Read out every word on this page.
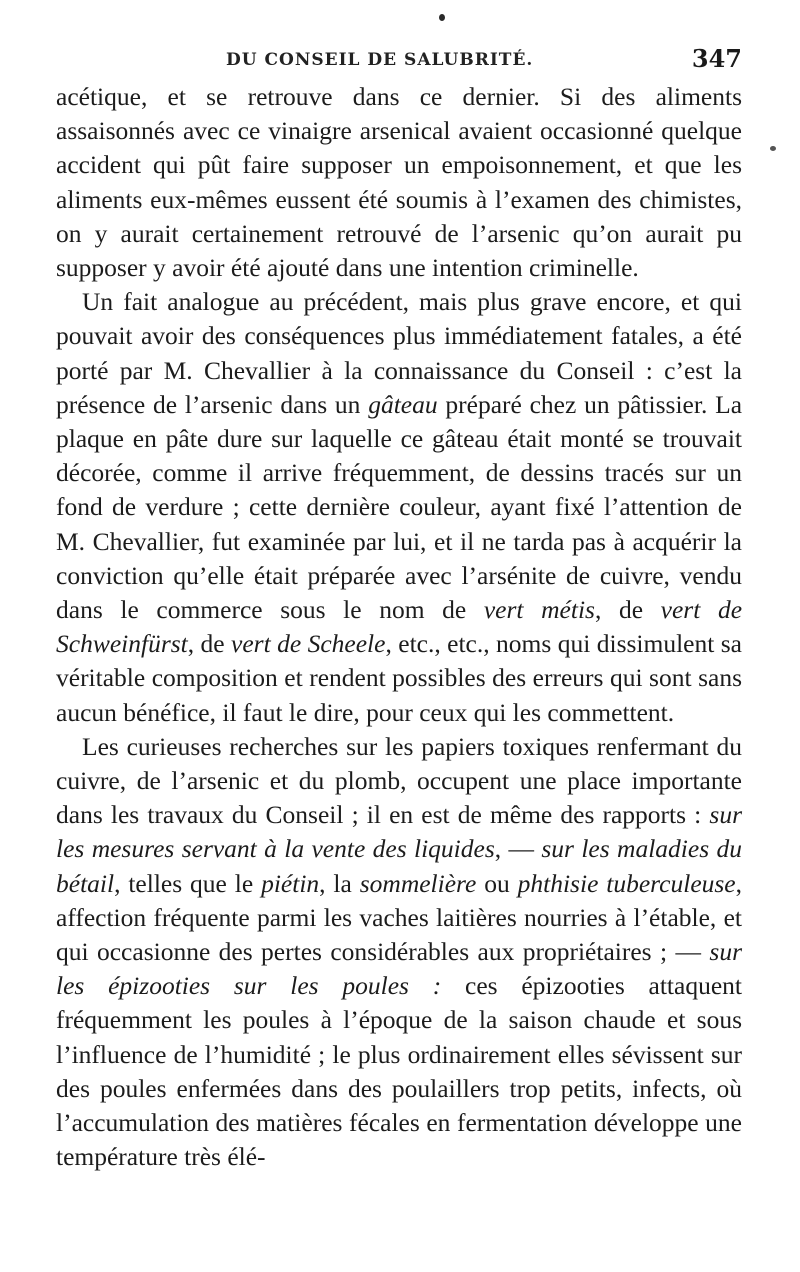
DU CONSEIL DE SALUBRITÉ.	347

acétique, et se retrouve dans ce dernier. Si des aliments assaisonnés avec ce vinaigre arsenical avaient occasionné quelque accident qui pût faire supposer un empoisonnement, et que les aliments eux-mêmes eussent été soumis à l’examen des chimistes, on y aurait certainement retrouvé de l’arsenic qu’on aurait pu supposer y avoir été ajouté dans une intention criminelle.

Un fait analogue au précédent, mais plus grave encore, et qui pouvait avoir des conséquences plus immédiatement fatales, a été porté par M. Chevallier à la connaissance du Conseil : c’est la présence de l’arsenic dans un gâteau préparé chez un pâtissier. La plaque en pâte dure sur laquelle ce gâteau était monté se trouvait décorée, comme il arrive fréquemment, de dessins tracés sur un fond de verdure ; cette dernière couleur, ayant fixé l’attention de M. Chevallier, fut examinée par lui, et il ne tarda pas à acquérir la conviction qu’elle était préparée avec l’arsénite de cuivre, vendu dans le commerce sous le nom de vert métis, de vert de Schweinfürst, de vert de Scheele, etc., etc., noms qui dissimulent sa véritable composition et rendent possibles des erreurs qui sont sans aucun bénéfice, il faut le dire, pour ceux qui les commettent.

Les curieuses recherches sur les papiers toxiques renfermant du cuivre, de l’arsenic et du plomb, occupent une place importante dans les travaux du Conseil ; il en est de même des rapports : sur les mesures servant à la vente des liquides, — sur les maladies du bétail, telles que le piétin, la sommelière ou phthisie tuberculeuse, affection fréquente parmi les vaches laitières nourries à l’étable, et qui occasionne des pertes considérables aux propriétaires ; — sur les épizooties sur les poules : ces épizooties attaquent fréquemment les poules à l’époque de la saison chaude et sous l’influence de l’humidité ; le plus ordinairement elles sévissent sur des poules enfermées dans des poulaillers trop petits, infects, où l’accumulation des matières fécales en fermentation développe une température très élé-
